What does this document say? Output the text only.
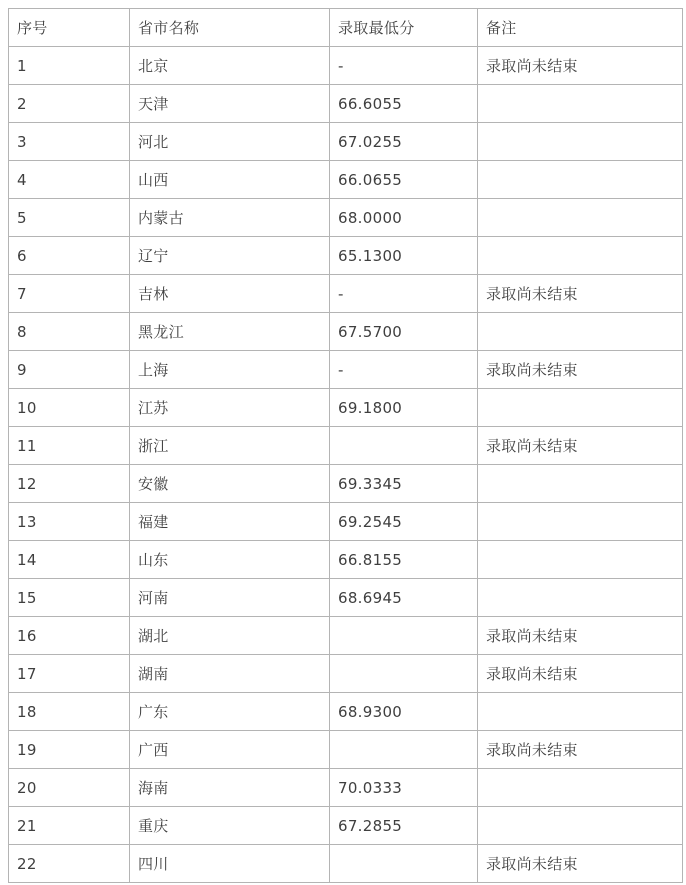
序号	省市名称	录取最低分	备注
1	北京	-	录取尚未结束
2	天津	66.6055	
3	河北	67.0255	
4	山西	66.0655	
5	内蒙古	68.0000	
6	辽宁	65.1300	
7	吉林	-	录取尚未结束
8	黑龙江	67.5700	
9	上海	-	录取尚未结束
10	江苏	69.1800	
11	浙江		录取尚未结束
12	安徽	69.3345	
13	福建	69.2545	
14	山东	66.8155	
15	河南	68.6945	
16	湖北		录取尚未结束
17	湖南		录取尚未结束
18	广东	68.9300	
19	广西		录取尚未结束
20	海南	70.0333	
21	重庆	67.2855	
22	四川		录取尚未结束
